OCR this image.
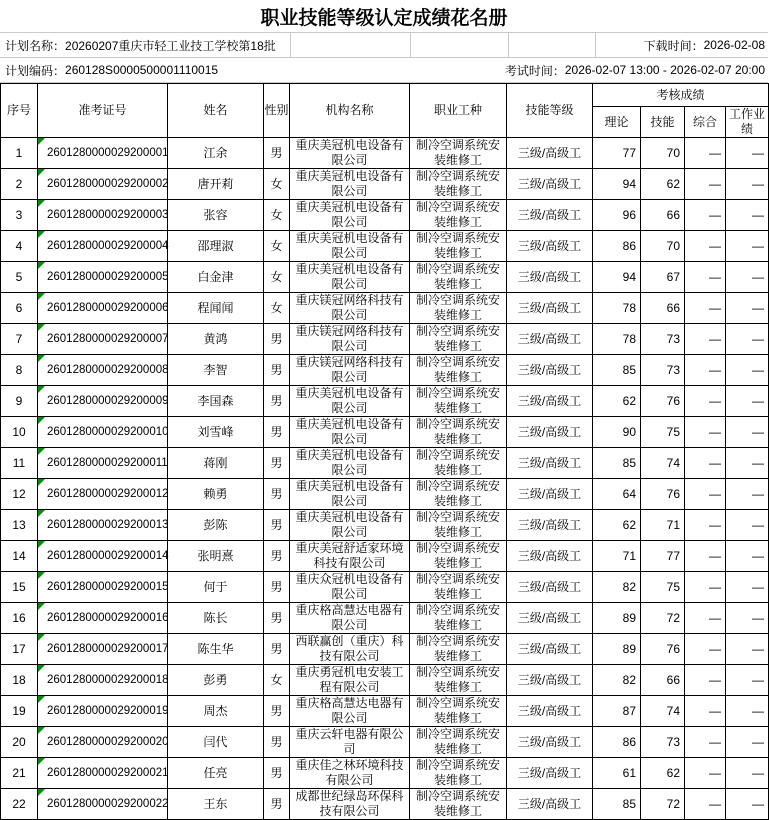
职业技能等级认定成绩花名册
计划名称： 20260207重庆市轻工业技工学校第18批	下载时间： 2026-02-08
计划编码： 260128S0000500001110015	考试时间： 2026-02-07 13:00 - 2026-02-07 20:00
序号	准考证号	姓名	性别	机构名称	职业工种	技能等级	考核成绩			
							理论	技能	综合	工作业绩
1	2601280000029200001	江余	男	重庆美冠机电设备有限公司	制冷空调系统安装维修工	三级/高级工	77	70	—	—
2	2601280000029200002	唐开莉	女	重庆美冠机电设备有限公司	制冷空调系统安装维修工	三级/高级工	94	62	—	—
3	2601280000029200003	张容	女	重庆美冠机电设备有限公司	制冷空调系统安装维修工	三级/高级工	96	66	—	—
4	2601280000029200004	邵理淑	女	重庆美冠机电设备有限公司	制冷空调系统安装维修工	三级/高级工	86	70	—	—
5	2601280000029200005	白金津	女	重庆美冠机电设备有限公司	制冷空调系统安装维修工	三级/高级工	94	67	—	—
6	2601280000029200006	程闻闻	女	重庆镁冠网络科技有限公司	制冷空调系统安装维修工	三级/高级工	78	66	—	—
7	2601280000029200007	黄鸿	男	重庆镁冠网络科技有限公司	制冷空调系统安装维修工	三级/高级工	78	73	—	—
8	2601280000029200008	李智	男	重庆镁冠网络科技有限公司	制冷空调系统安装维修工	三级/高级工	85	73	—	—
9	2601280000029200009	李国森	男	重庆美冠机电设备有限公司	制冷空调系统安装维修工	三级/高级工	62	76	—	—
10	2601280000029200010	刘雪峰	男	重庆美冠机电设备有限公司	制冷空调系统安装维修工	三级/高级工	90	75	—	—
11	2601280000029200011	蒋刚	男	重庆美冠机电设备有限公司	制冷空调系统安装维修工	三级/高级工	85	74	—	—
12	2601280000029200012	赖勇	男	重庆美冠机电设备有限公司	制冷空调系统安装维修工	三级/高级工	64	76	—	—
13	2601280000029200013	彭陈	男	重庆美冠机电设备有限公司	制冷空调系统安装维修工	三级/高级工	62	71	—	—
14	2601280000029200014	张明熹	男	重庆美冠舒适家环境科技有限公司	制冷空调系统安装维修工	三级/高级工	71	77	—	—
15	2601280000029200015	何于	男	重庆众冠机电设备有限公司	制冷空调系统安装维修工	三级/高级工	82	75	—	—
16	2601280000029200016	陈长	男	重庆格高慧达电器有限公司	制冷空调系统安装维修工	三级/高级工	89	72	—	—
17	2601280000029200017	陈生华	男	西联赢创（重庆）科技有限公司	制冷空调系统安装维修工	三级/高级工	89	76	—	—
18	2601280000029200018	彭勇	女	重庆勇冠机电安装工程有限公司	制冷空调系统安装维修工	三级/高级工	82	66	—	—
19	2601280000029200019	周杰	男	重庆格高慧达电器有限公司	制冷空调系统安装维修工	三级/高级工	87	74	—	—
20	2601280000029200020	闫代	男	重庆云轩电器有限公司	制冷空调系统安装维修工	三级/高级工	86	73	—	—
21	2601280000029200021	任亮	男	重庆佳之林环境科技有限公司	制冷空调系统安装维修工	三级/高级工	61	62	—	—
22	2601280000029200022	王东	男	成都世纪绿岛环保科技有限公司	制冷空调系统安装维修工	三级/高级工	85	72	—	—
